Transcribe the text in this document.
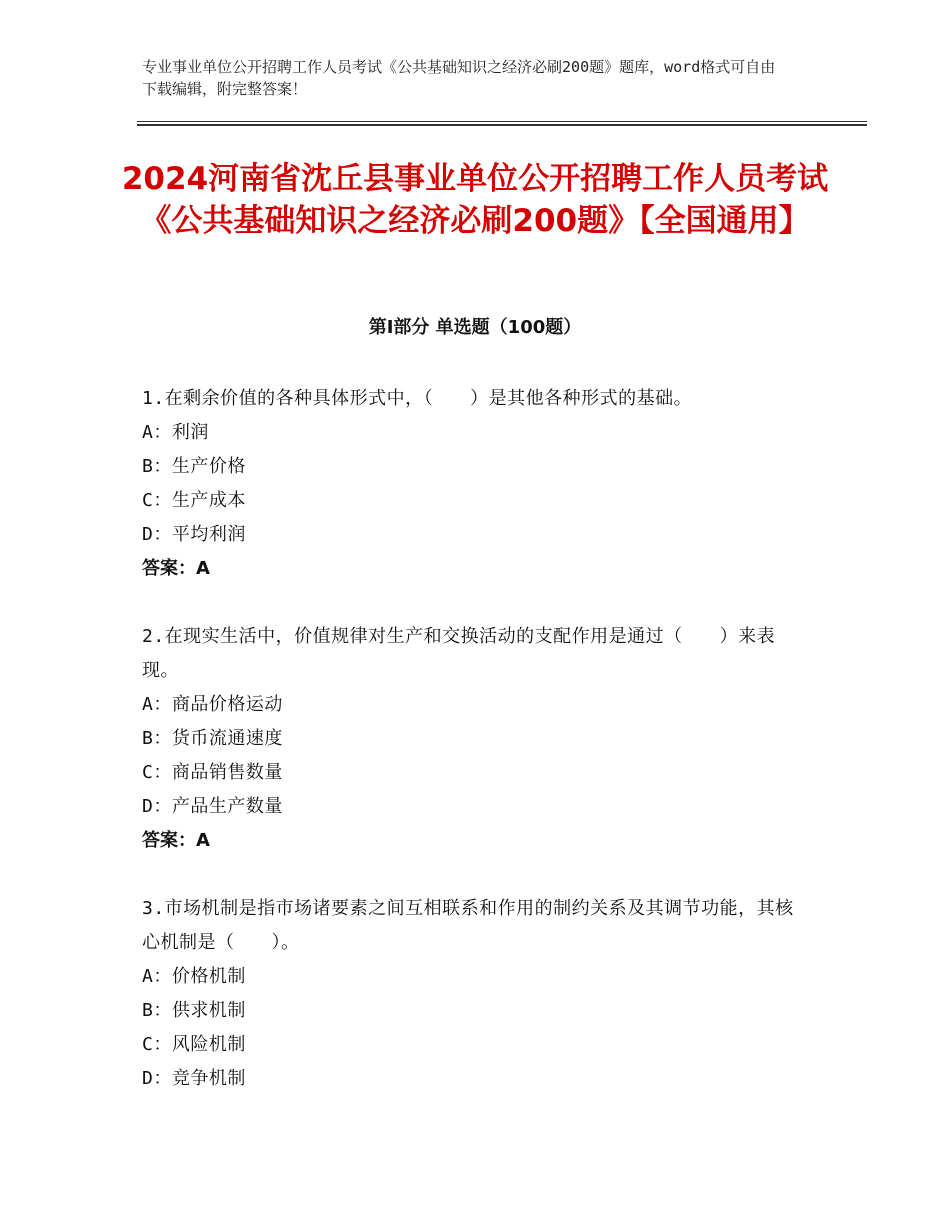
专业事业单位公开招聘工作人员考试《公共基础知识之经济必刷200题》题库，word格式可自由下载编辑，附完整答案！
2024河南省沈丘县事业单位公开招聘工作人员考试《公共基础知识之经济必刷200题》【全国通用】
第Ⅰ部分 单选题（100题）
1.在剩余价值的各种具体形式中，（　　）是其他各种形式的基础。
A：利润
B：生产价格
C：生产成本
D：平均利润
答案：A
2.在现实生活中，价值规律对生产和交换活动的支配作用是通过（　　）来表现。
A：商品价格运动
B：货币流通速度
C：商品销售数量
D：产品生产数量
答案：A
3.市场机制是指市场诸要素之间互相联系和作用的制约关系及其调节功能，其核心机制是（　　）。
A：价格机制
B：供求机制
C：风险机制
D：竞争机制
